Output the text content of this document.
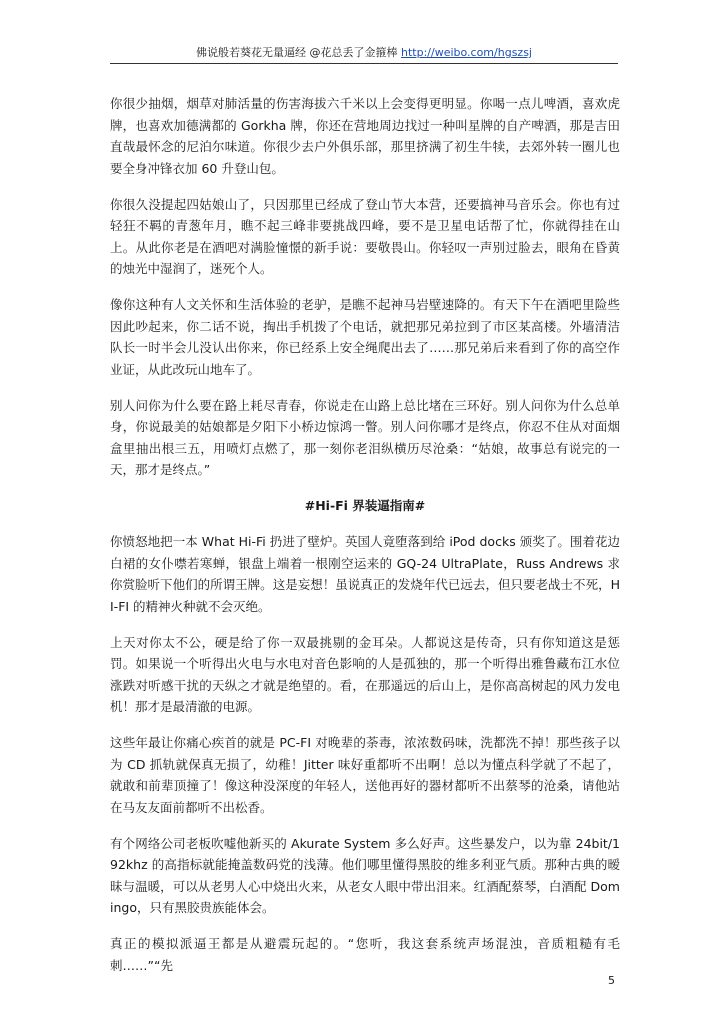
佛说般若葵花无量逼经 @花总丢了金箍棒 http://weibo.com/hgszsj

你很少抽烟，烟草对肺活量的伤害海拔六千米以上会变得更明显。你喝一点儿啤酒，喜欢虎牌，也喜欢加德满都的 Gorkha 牌，你还在营地周边找过一种叫星牌的自产啤酒，那是吉田直哉最怀念的尼泊尔味道。你很少去户外俱乐部，那里挤满了初生牛犊，去郊外转一圈儿也要全身冲锋衣加 60 升登山包。

你很久没提起四姑娘山了，只因那里已经成了登山节大本营，还要搞神马音乐会。你也有过轻狂不羁的青葱年月，瞧不起三峰非要挑战四峰，要不是卫星电话帮了忙，你就得挂在山上。从此你老是在酒吧对满脸憧憬的新手说：要敬畏山。你轻叹一声别过脸去，眼角在昏黄的烛光中湿润了，迷死个人。

像你这种有人文关怀和生活体验的老驴，是瞧不起神马岩壁速降的。有天下午在酒吧里险些因此吵起来，你二话不说，掏出手机拨了个电话，就把那兄弟拉到了市区某高楼。外墙清洁队长一时半会儿没认出你来，你已经系上安全绳爬出去了……那兄弟后来看到了你的高空作业证，从此改玩山地车了。

别人问你为什么要在路上耗尽青春，你说走在山路上总比堵在三环好。别人问你为什么总单身，你说最美的姑娘都是夕阳下小桥边惊鸿一瞥。别人问你哪才是终点，你忍不住从对面烟盒里抽出根三五，用喷灯点燃了，那一刻你老泪纵横历尽沧桑：“姑娘，故事总有说完的一天，那才是终点。”

#Hi-Fi 界装逼指南#

你愤怒地把一本 What Hi-Fi 扔进了壁炉。英国人竟堕落到给 iPod docks 颁奖了。围着花边白裙的女仆噤若寒蝉，银盘上端着一根刚空运来的 GQ-24 UltraPlate，Russ Andrews 求你赏脸听下他们的所谓王牌。这是妄想！虽说真正的发烧年代已远去，但只要老战士不死，HI-FI 的精神火种就不会灭绝。

上天对你太不公，硬是给了你一双最挑剔的金耳朵。人都说这是传奇，只有你知道这是惩罚。如果说一个听得出火电与水电对音色影响的人是孤独的，那一个听得出雅鲁藏布江水位涨跌对听感干扰的天纵之才就是绝望的。看，在那遥远的后山上，是你高高树起的风力发电机！那才是最清澈的电源。

这些年最让你痛心疾首的就是 PC-FI 对晚辈的荼毒，浓浓数码味，洗都洗不掉！那些孩子以为 CD 抓轨就保真无损了，幼稚！Jitter 味好重都听不出啊！总以为懂点科学就了不起了，就敢和前辈顶撞了！像这种没深度的年轻人，送他再好的器材都听不出蔡琴的沧桑，请他站在马友友面前都听不出松香。

有个网络公司老板吹嘘他新买的 Akurate System 多么好声。这些暴发户，以为靠 24bit/192khz 的高指标就能掩盖数码党的浅薄。他们哪里懂得黑胶的维多利亚气质。那种古典的暧昧与温暖，可以从老男人心中烧出火来，从老女人眼中带出泪来。红酒配蔡琴，白酒配 Domingo，只有黑胶贵族能体会。

真正的模拟派逼王都是从避震玩起的。“您听，我这套系统声场混浊，音质粗糙有毛刺……”“先

5
